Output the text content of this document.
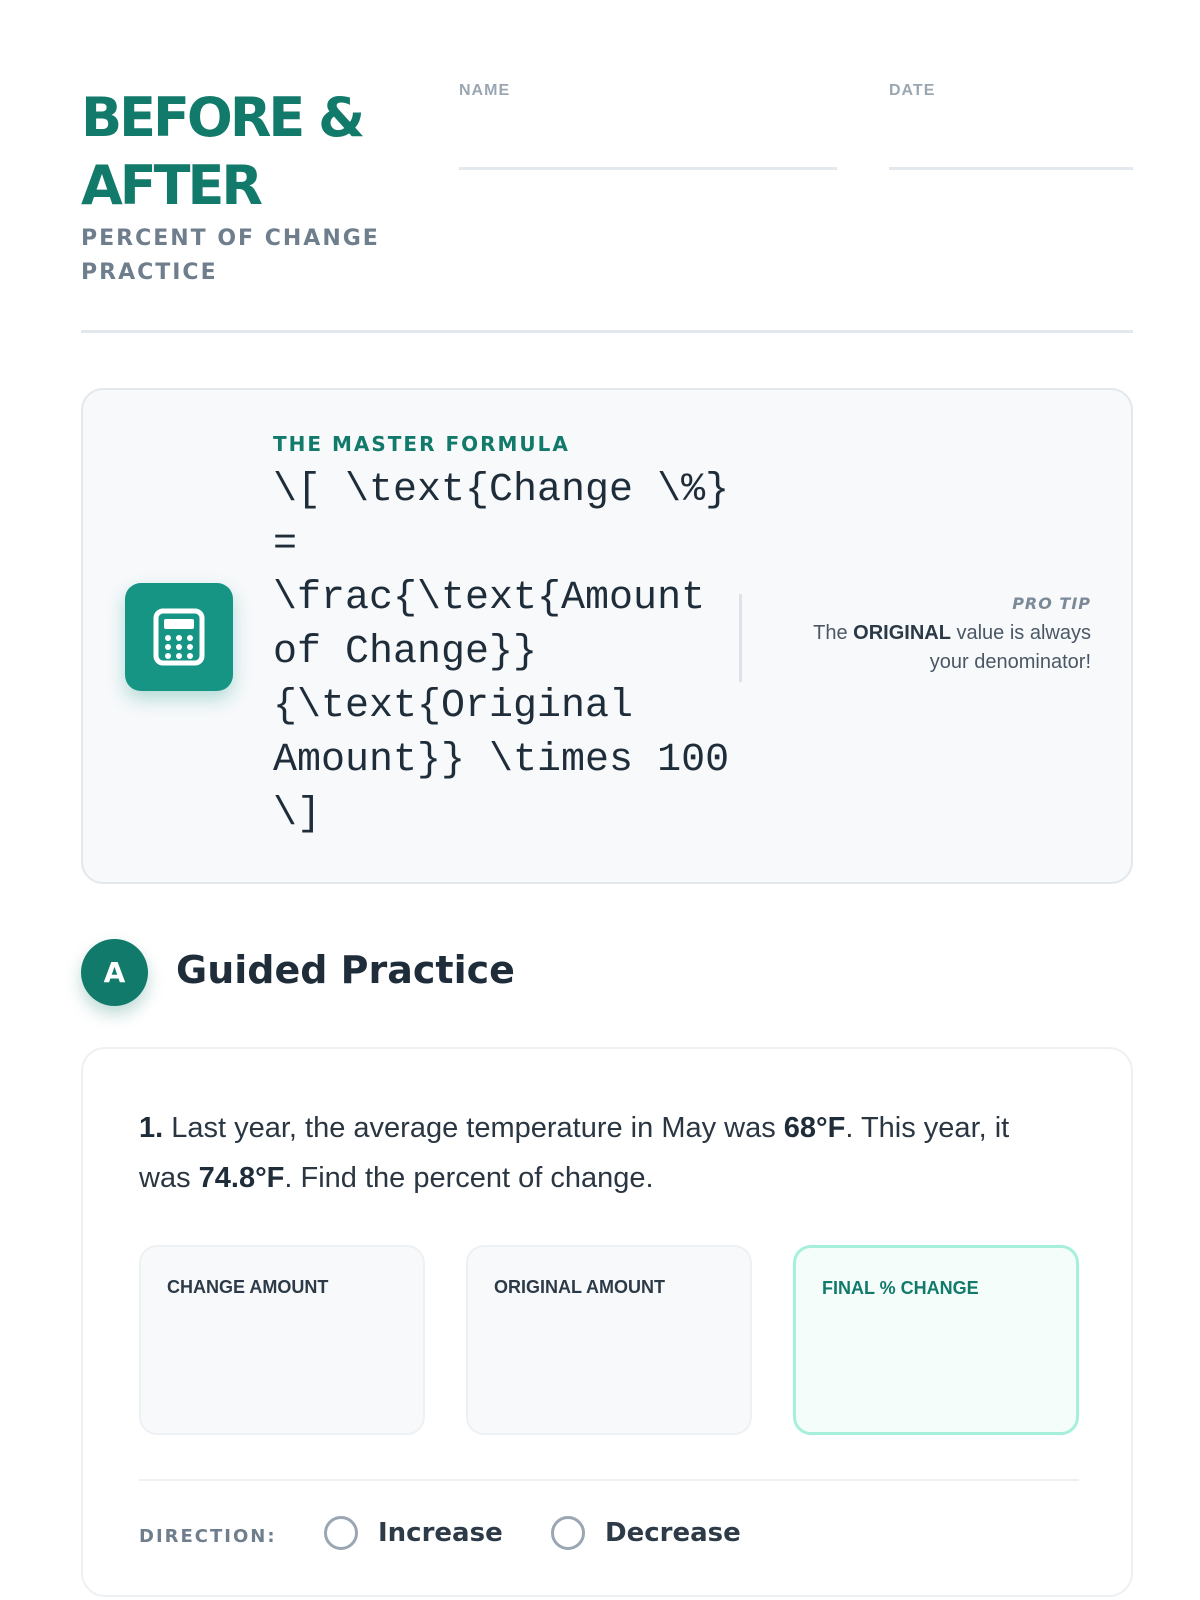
BEFORE & AFTER
PERCENT OF CHANGE PRACTICE
NAME	DATE
THE MASTER FORMULA
\[ \text{Change \%} = \frac{\text{Amount of Change}}{\text{Original Amount}} \times 100 \]
PRO TIP
The ORIGINAL value is always your denominator!
A	Guided Practice
1. Last year, the average temperature in May was 68°F. This year, it was 74.8°F. Find the percent of change.
CHANGE AMOUNT	ORIGINAL AMOUNT	FINAL % CHANGE
DIRECTION:	Increase	Decrease
